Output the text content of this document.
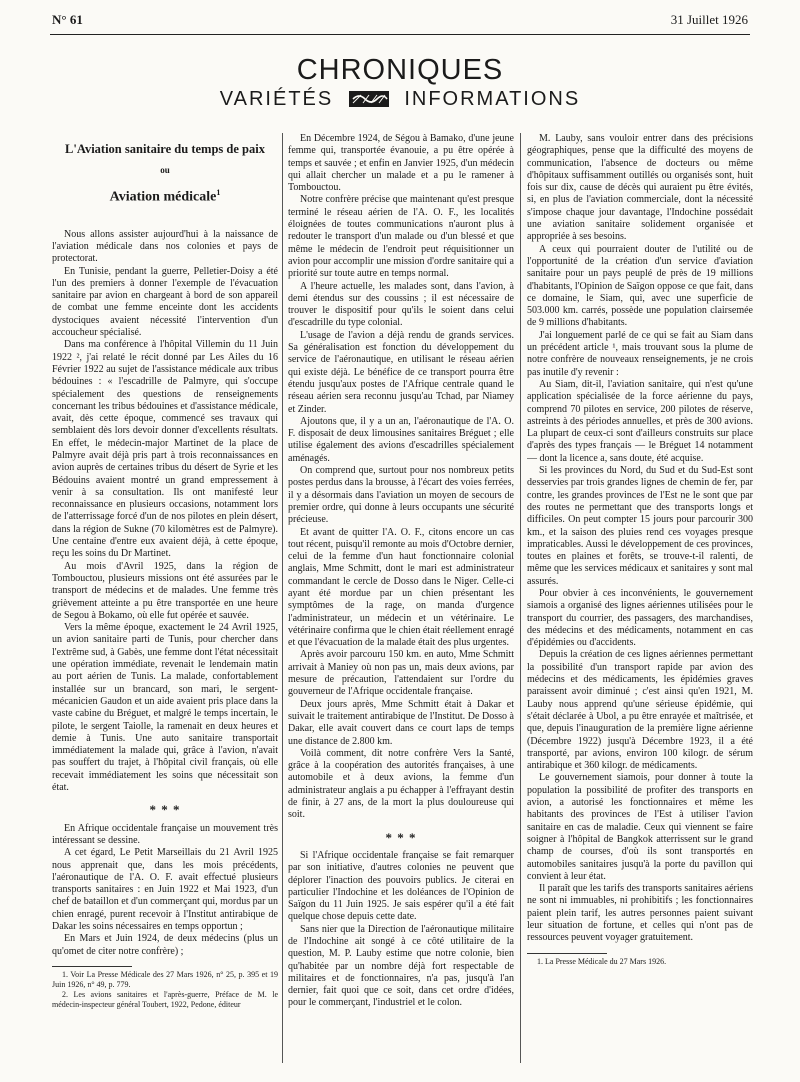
N° 61	31 Juillet 1926
CHRONIQUES
VARIÉTÉS	INFORMATIONS
L'Aviation sanitaire du temps de paix
ou
Aviation médicale$^1$

Nous allons assister aujourd'hui à la naissance de l'aviation médicale dans nos colonies et pays de protectorat.

En Tunisie, pendant la guerre, Pelletier-Doisy a été l'un des premiers à donner l'exemple de l'évacuation sanitaire par avion en chargeant à bord de son appareil de combat une femme enceinte dont les accidents dystociques avaient nécessité l'intervention d'un accoucheur spécialisé.

Dans ma conférence à l'hôpital Villemin du 11 Juin 1922 ², j'ai relaté le récit donné par Les Ailes du 16 Février 1922 au sujet de l'assistance médicale aux tribus bédouines : « l'escadrille de Palmyre, qui s'occupe spécialement des questions de renseignements concernant les tribus bédouines et d'assistance médicale, avait, dès cette époque, commencé ses travaux qui semblaient dès lors devoir donner d'excellents résultats. En effet, le médecin-major Martinet de la place de Palmyre avait déjà pris part à trois reconnaissances en avion auprès de certaines tribus du désert de Syrie et les Bédouins avaient montré un grand empressement à venir à sa consultation. Ils ont manifesté leur reconnaissance en plusieurs occasions, notamment lors de l'atterrissage forcé d'un de nos pilotes en plein désert, dans la région de Sukne (70 kilomètres est de Palmyre). Une centaine d'entre eux avaient déjà, à cette époque, reçu les soins du Dr Martinet.

Au mois d'Avril 1925, dans la région de Tombouctou, plusieurs missions ont été assurées par le transport de médecins et de malades. Une femme très grièvement atteinte a pu être transportée en une heure de Segou à Bokamo, où elle fut opérée et sauvée.

Vers la même époque, exactement le 24 Avril 1925, un avion sanitaire parti de Tunis, pour chercher dans l'extrême sud, à Gabès, une femme dont l'état nécessitait une opération immédiate, revenait le lendemain matin au port aérien de Tunis. La malade, confortablement installée sur un brancard, son mari, le sergent-mécanicien Gaudon et un aide avaient pris place dans la vaste cabine du Bréguet, et malgré le temps incertain, le pilote, le sergent Taiolle, la ramenait en deux heures et demie à Tunis. Une auto sanitaire transportait immédiatement la malade qui, grâce à l'avion, n'avait pas souffert du trajet, à l'hôpital civil français, où elle recevait immédiatement les soins que nécessitait son état.

* * *

En Afrique occidentale française un mouvement très intéressant se dessine.

A cet égard, Le Petit Marseillais du 21 Avril 1925 nous apprenait que, dans les mois précédents, l'aéronautique de l'A. O. F. avait effectué plusieurs transports sanitaires : en Juin 1922 et Mai 1923, d'un chef de bataillon et d'un commerçant qui, mordus par un chien enragé, purent recevoir à l'Institut antirabique de Dakar les soins nécessaires en temps opportun ;

En Mars et Juin 1924, de deux médecins (plus un qu'omet de citer notre confrère) ;

1. Voir La Presse Médicale des 27 Mars 1926, n° 25, p. 395 et 19 Juin 1926, n° 49, p. 779.

2. Les avions sanitaires et l'après-guerre, Préface de M. le médecin-inspecteur général Toubert, 1922, Pedone, éditeur

En Décembre 1924, de Ségou à Bamako, d'une jeune femme qui, transportée évanouie, a pu être opérée à temps et sauvée ; et enfin en Janvier 1925, d'un médecin qui allait chercher un malade et a pu le ramener à Tombouctou.

Notre confrère précise que maintenant qu'est presque terminé le réseau aérien de l'A. O. F., les localités éloignées de toutes communications n'auront plus à redouter le transport d'un malade ou d'un blessé et que même le médecin de l'endroit peut réquisitionner un avion pour accomplir une mission d'ordre sanitaire qui a priorité sur toute autre en temps normal.

A l'heure actuelle, les malades sont, dans l'avion, à demi étendus sur des coussins ; il est nécessaire de trouver le dispositif pour qu'ils le soient dans celui d'escadrille du type colonial.

L'usage de l'avion a déjà rendu de grands services. Sa généralisation est fonction du développement du service de l'aéronautique, en utilisant le réseau aérien qui existe déjà. Le bénéfice de ce transport pourra être étendu jusqu'aux postes de l'Afrique centrale quand le réseau aérien sera reconnu jusqu'au Tchad, par Niamey et Zinder.

Ajoutons que, il y a un an, l'aéronautique de l'A. O. F. disposait de deux limousines sanitaires Bréguet ; elle utilise également des avions d'escadrilles spécialement aménagés.

On comprend que, surtout pour nos nombreux petits postes perdus dans la brousse, à l'écart des voies ferrées, il y a désormais dans l'aviation un moyen de secours de premier ordre, qui donne à leurs occupants une sécurité précieuse.

Et avant de quitter l'A. O. F., citons encore un cas tout récent, puisqu'il remonte au mois d'Octobre dernier, celui de la femme d'un haut fonctionnaire colonial anglais, Mme Schmitt, dont le mari est administrateur commandant le cercle de Dosso dans le Niger. Celle-ci ayant été mordue par un chien présentant les symptômes de la rage, on manda d'urgence l'administrateur, un médecin et un vétérinaire. Le vétérinaire confirma que le chien était réellement enragé et que l'évacuation de la malade était des plus urgentes.

Après avoir parcouru 150 km. en auto, Mme Schmitt arrivait à Maniey où non pas un, mais deux avions, par mesure de précaution, l'attendaient sur l'ordre du gouverneur de l'Afrique occidentale française.

Deux jours après, Mme Schmitt était à Dakar et suivait le traitement antirabique de l'Institut. De Dosso à Dakar, elle avait couvert dans ce court laps de temps une distance de 2.800 km.

Voilà comment, dit notre confrère Vers la Santé, grâce à la coopération des autorités françaises, à une automobile et à deux avions, la femme d'un administrateur anglais a pu échapper à l'effrayant destin de finir, à 27 ans, de la mort la plus douloureuse qui soit.

* * *

Si l'Afrique occidentale française se fait remarquer par son initiative, d'autres colonies ne peuvent que déplorer l'inaction des pouvoirs publics. Je citerai en particulier l'Indochine et les doléances de l'Opinion de Saïgon du 11 Juin 1925. Je sais espérer qu'il a été fait quelque chose depuis cette date.

Sans nier que la Direction de l'aéronautique militaire de l'Indochine ait songé à ce côté utilitaire de la question, M. P. Lauby estime que notre colonie, bien qu'habitée par un nombre déjà fort respectable de militaires et de fonctionnaires, n'a pas, jusqu'à l'an dernier, fait quoi que ce soit, dans cet ordre d'idées, pour le commerçant, l'industriel et le colon.

M. Lauby, sans vouloir entrer dans des précisions géographiques, pense que la difficulté des moyens de communication, l'absence de docteurs ou même d'hôpitaux suffisamment outillés ou organisés sont, huit fois sur dix, cause de décès qui auraient pu être évités, si, en plus de l'aviation commerciale, dont la nécessité s'impose chaque jour davantage, l'Indochine possédait une aviation sanitaire solidement organisée et appropriée à ses besoins.

A ceux qui pourraient douter de l'utilité ou de l'opportunité de la création d'un service d'aviation sanitaire pour un pays peuplé de près de 19 millions d'habitants, l'Opinion de Saïgon oppose ce que fait, dans ce domaine, le Siam, qui, avec une superficie de 503.000 km. carrés, possède une population clairsemée de 9 millions d'habitants.

J'ai longuement parlé de ce qui se fait au Siam dans un précédent article ¹, mais trouvant sous la plume de notre confrère de nouveaux renseignements, je ne crois pas inutile d'y revenir :

Au Siam, dit-il, l'aviation sanitaire, qui n'est qu'une application spécialisée de la force aérienne du pays, comprend 70 pilotes en service, 200 pilotes de réserve, astreints à des périodes annuelles, et près de 300 avions. La plupart de ceux-ci sont d'ailleurs construits sur place d'après des types français — le Bréguet 14 notamment — dont la licence a, sans doute, été acquise.

Si les provinces du Nord, du Sud et du Sud-Est sont desservies par trois grandes lignes de chemin de fer, par contre, les grandes provinces de l'Est ne le sont que par des routes ne permettant que des transports longs et difficiles. On peut compter 15 jours pour parcourir 300 km., et la saison des pluies rend ces voyages presque impraticables. Aussi le développement de ces provinces, toutes en plaines et forêts, se trouve-t-il ralenti, de même que les services médicaux et sanitaires y sont mal assurés.

Pour obvier à ces inconvénients, le gouvernement siamois a organisé des lignes aériennes utilisées pour le transport du courrier, des passagers, des marchandises, des médecins et des médicaments, notamment en cas d'épidémies ou d'accidents.

Depuis la création de ces lignes aériennes permettant la possibilité d'un transport rapide par avion des médecins et des médicaments, les épidémies graves paraissent avoir diminué ; c'est ainsi qu'en 1921, M. Lauby nous apprend qu'une sérieuse épidémie, qui s'était déclarée à Ubol, a pu être enrayée et maîtrisée, et que, depuis l'inauguration de la première ligne aérienne (Décembre 1922) jusqu'à Décembre 1923, il a été transporté, par avions, environ 100 kilogr. de sérum antirabique et 360 kilogr. de médicaments.

Le gouvernement siamois, pour donner à toute la population la possibilité de profiter des transports en avion, a autorisé les fonctionnaires et même les habitants des provinces de l'Est à utiliser l'avion sanitaire en cas de maladie. Ceux qui viennent se faire soigner à l'hôpital de Bangkok atterrissent sur le grand champ de courses, d'où ils sont transportés en automobiles sanitaires jusqu'à la porte du pavillon qui convient à leur état.

Il paraît que les tarifs des transports sanitaires aériens ne sont ni immuables, ni prohibitifs ; les fonctionnaires paient plein tarif, les autres personnes paient suivant leur situation de fortune, et celles qui n'ont pas de ressources peuvent voyager gratuitement.

1. La Presse Médicale du 27 Mars 1926.
